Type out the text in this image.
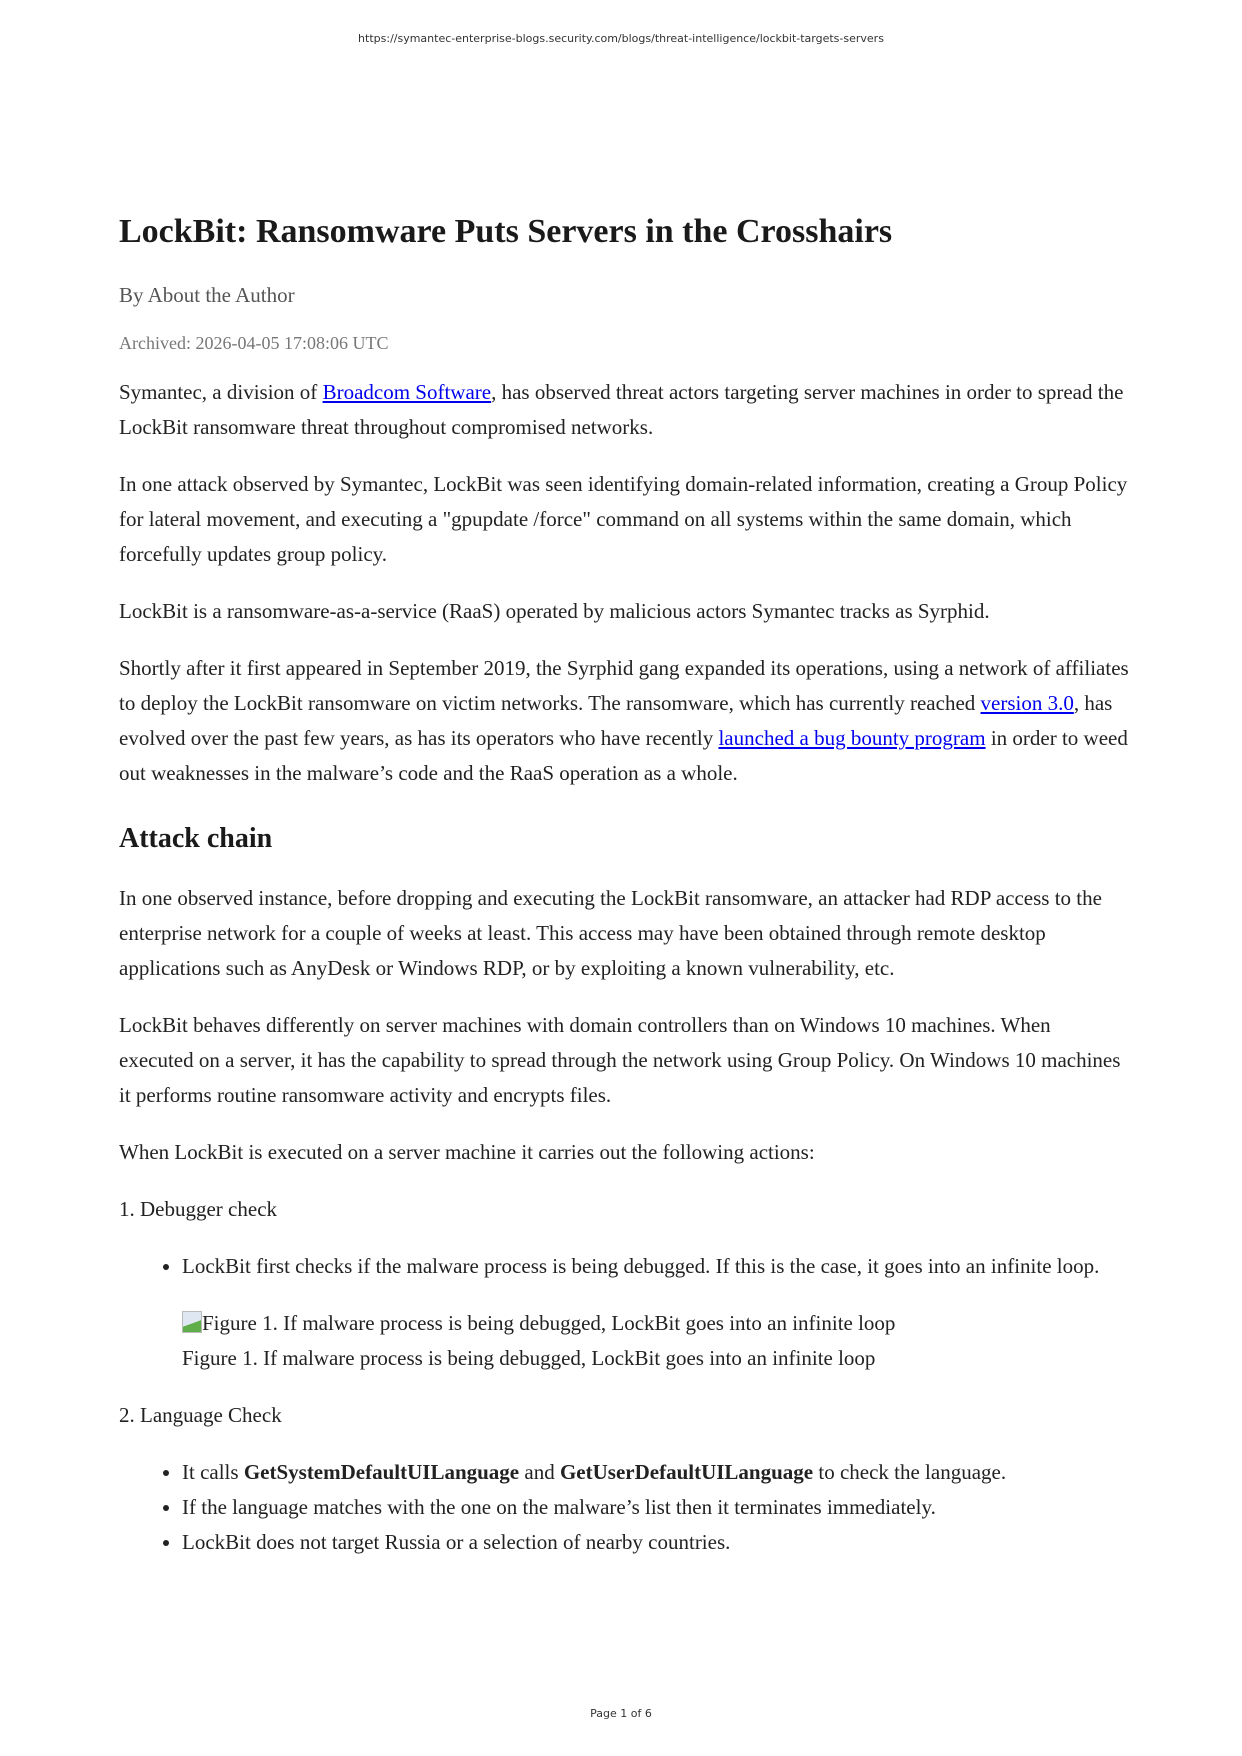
https://symantec-enterprise-blogs.security.com/blogs/threat-intelligence/lockbit-targets-servers
LockBit: Ransomware Puts Servers in the Crosshairs

By About the Author

Archived: 2026-04-05 17:08:06 UTC

Symantec, a division of Broadcom Software, has observed threat actors targeting server machines in order to spread the LockBit ransomware threat throughout compromised networks.

In one attack observed by Symantec, LockBit was seen identifying domain-related information, creating a Group Policy for lateral movement, and executing a "gpupdate /force" command on all systems within the same domain, which forcefully updates group policy.

LockBit is a ransomware-as-a-service (RaaS) operated by malicious actors Symantec tracks as Syrphid.

Shortly after it first appeared in September 2019, the Syrphid gang expanded its operations, using a network of affiliates to deploy the LockBit ransomware on victim networks. The ransomware, which has currently reached version 3.0, has evolved over the past few years, as has its operators who have recently launched a bug bounty program in order to weed out weaknesses in the malware’s code and the RaaS operation as a whole.

Attack chain

In one observed instance, before dropping and executing the LockBit ransomware, an attacker had RDP access to the enterprise network for a couple of weeks at least. This access may have been obtained through remote desktop applications such as AnyDesk or Windows RDP, or by exploiting a known vulnerability, etc.

LockBit behaves differently on server machines with domain controllers than on Windows 10 machines. When executed on a server, it has the capability to spread through the network using Group Policy. On Windows 10 machines it performs routine ransomware activity and encrypts files.

When LockBit is executed on a server machine it carries out the following actions:

1. Debugger check

• LockBit first checks if the malware process is being debugged. If this is the case, it goes into an infinite loop.
Figure 1. If malware process is being debugged, LockBit goes into an infinite loop
Figure 1. If malware process is being debugged, LockBit goes into an infinite loop

2. Language Check

• It calls GetSystemDefaultUILanguage and GetUserDefaultUILanguage to check the language.
• If the language matches with the one on the malware’s list then it terminates immediately.
• LockBit does not target Russia or a selection of nearby countries.
Page 1 of 6
